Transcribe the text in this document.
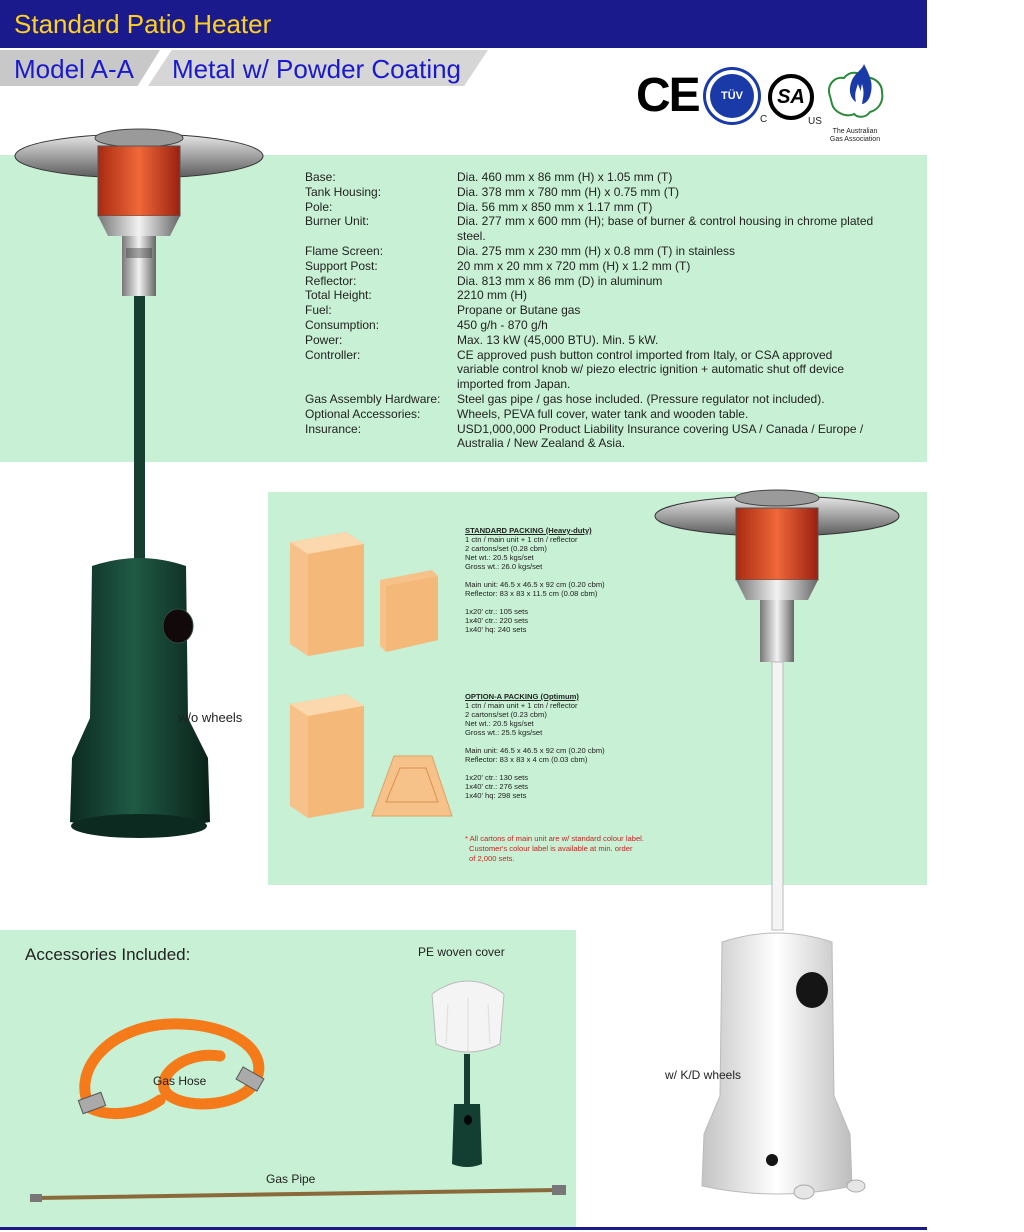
Standard Patio Heater
Model A-A Metal w/ Powder Coating	CE	TÜV	SA
C	US
The Australian
Gas Association
Base:	Dia. 460 mm x 86 mm (H) x 1.05 mm (T)
Tank Housing:	Dia. 378 mm x 780 mm (H) x 0.75 mm (T)
Pole:	Dia. 56 mm x 850 mm x 1.17 mm (T)
Burner Unit:	Dia. 277 mm x 600 mm (H); base of burner & control housing in chrome plated steel.
Flame Screen:	Dia. 275 mm x 230 mm (H) x 0.8 mm (T) in stainless
Support Post:	20 mm x 20 mm x 720 mm (H) x 1.2 mm (T)
Reflector:	Dia. 813 mm x 86 mm (D) in aluminum
Total Height:	2210 mm (H)
Fuel:	Propane or Butane gas
Consumption:	450 g/h - 870 g/h
Power:	Max. 13 kW (45,000 BTU). Min. 5 kW.
Controller:	CE approved push button control imported from Italy, or CSA approved variable control knob w/ piezo electric ignition + automatic shut off device imported from Japan.
Gas Assembly Hardware:	Steel gas pipe / gas hose included. (Pressure regulator not included).
Optional Accessories:	Wheels, PEVA full cover, water tank and wooden table.
Insurance:	USD1,000,000 Product Liability Insurance covering USA / Canada / Europe / Australia / New Zealand & Asia.
STANDARD PACKING (Heavy-duty)
1 ctn / main unit + 1 ctn / reflector
2 cartons/set (0.28 cbm)
Net wt.: 20.5 kgs/set
Gross wt.: 26.0 kgs/set
Main unit: 46.5 x 46.5 x 92 cm (0.20 cbm)
Reflector: 83 x 83 x 11.5 cm (0.08 cbm)
1x20' ctr.: 105 sets
1x40' ctr.: 220 sets
1x40' hq: 240 sets
OPTION-A PACKING (Optimum)
1 ctn / main unit + 1 ctn / reflector
2 cartons/set (0.23 cbm)
Net wt.: 20.5 kgs/set
Gross wt.: 25.5 kgs/set
Main unit: 46.5 x 46.5 x 92 cm (0.20 cbm)
Reflector: 83 x 83 x 4 cm (0.03 cbm)
1x20' ctr.: 130 sets
1x40' ctr.: 276 sets
1x40' hq: 298 sets
* All cartons of main unit are w/ standard colour label.
Customer's colour label is available at min. order
of 2,000 sets.
Accessories Included:	PE woven cover
Gas Hose
Gas Pipe
w/o wheels
w/ K/D wheels
